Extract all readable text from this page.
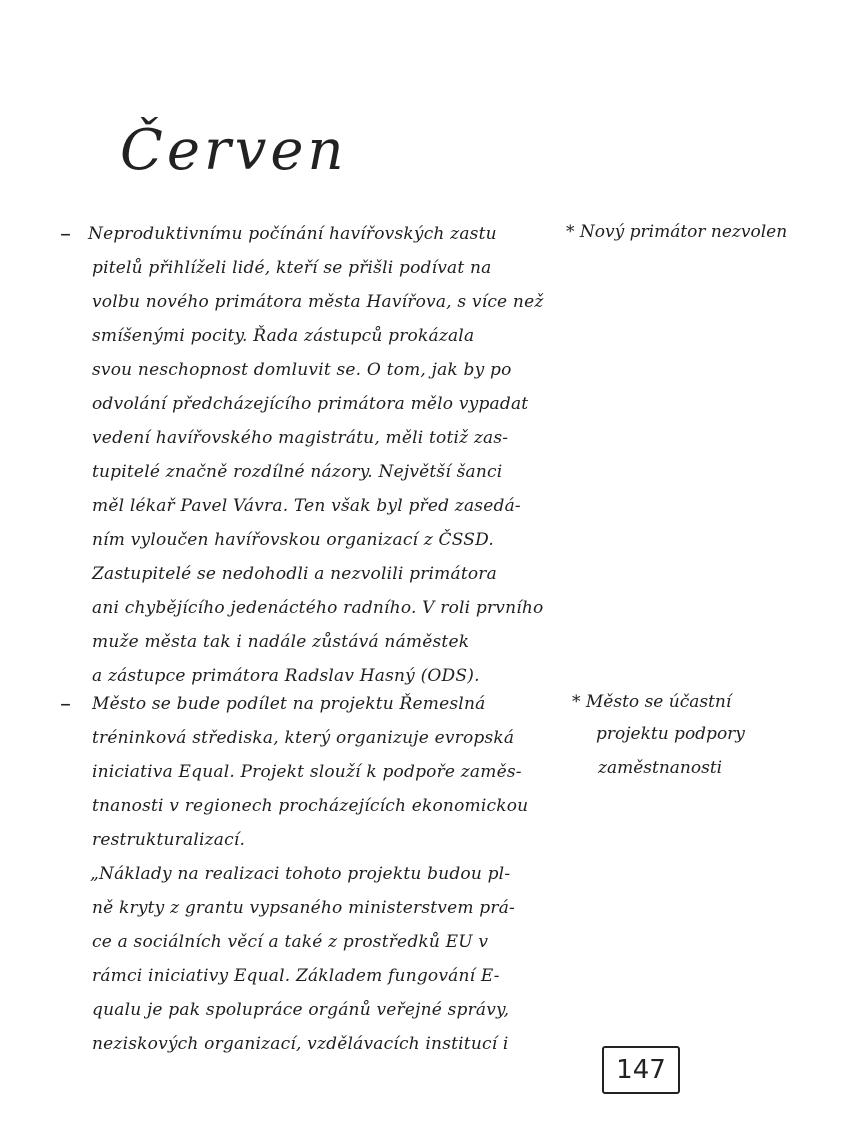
Červen
– Neproduktivnímu počínání havířovských zastu	* Nový primátor nezvolen
pitelů přihlíželi lidé, kteří se přišli podívat na
volbu nového primátora města Havířova, s více než
smíšenými pocity. Řada zástupců prokázala
svou neschopnost domluvit se. O tom, jak by po
odvolání předcházejícího primátora mělo vypadat
vedení havířovského magistrátu, měli totiž zas-
tupitelé značně rozdílné názory. Největší šanci
měl lékař Pavel Vávra. Ten však byl před zasedá-
ním vyloučen havířovskou organizací z ČSSD.
Zastupitelé se nedohodli a nezvolili primátora
ani chybějícího jedenáctého radního. V roli prvního
muže města tak i nadále zůstává náměstek
a zástupce primátora Radslav Hasný (ODS).
– Město se bude podílet na projektu Řemeslná	* Město se účastní
tréninková střediska, který organizuje evropská	projektu podpory
iniciativa Equal. Projekt slouží k podpoře zaměs-	zaměstnanosti
tnanosti v regionech procházejících ekonomickou
restrukturalizací.
„Náklady na realizaci tohoto projektu budou pl-
ně kryty z grantu vypsaného ministerstvem prá-
ce a sociálních věcí a také z prostředků EU v
rámci iniciativy Equal. Základem fungování E-
qualu je pak spolupráce orgánů veřejné správy,
neziskových organizací, vzdělávacích institucí i
147
